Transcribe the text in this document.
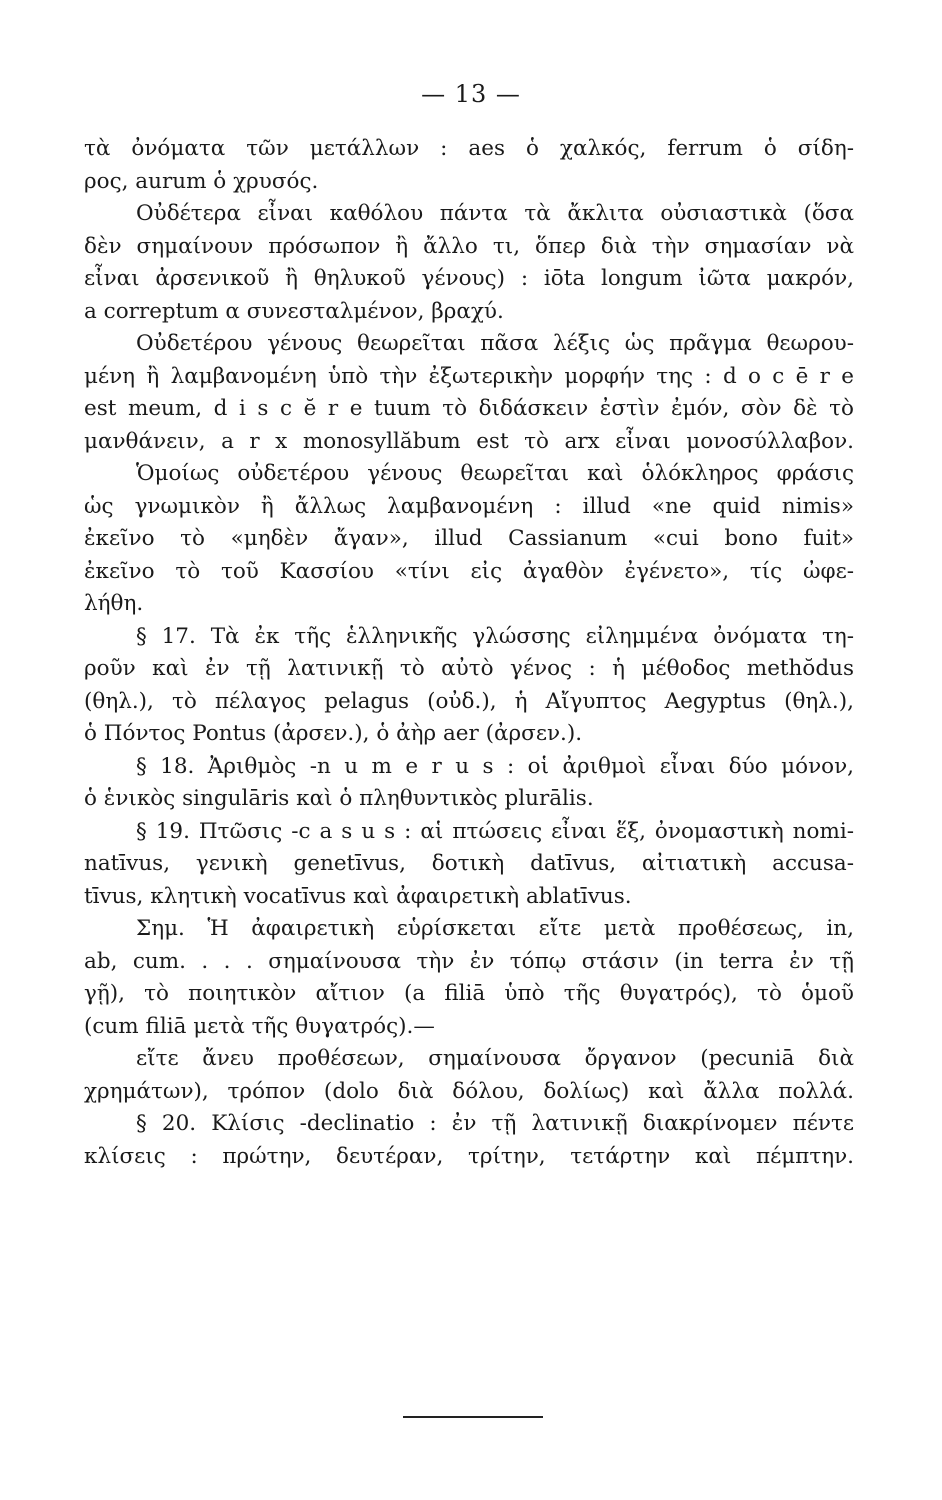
— 13 —
τὰ ὀνόματα τῶν μετάλλων : aes ὁ χαλκός, ferrum ὁ σίδη-
ρος, aurum ὁ χρυσός.
Οὐδέτερα εἶναι καθόλου πάντα τὰ ἄκλιτα οὐσιαστικὰ (ὅσα
δὲν σημαίνουν πρόσωπον ἢ ἄλλο τι, ὅπερ διὰ τὴν σημασίαν νὰ
εἶναι ἀρσενικοῦ ἢ θηλυκοῦ γένους) : iōta longum ἰῶτα μακρόν,
a correptum α συνεσταλμένον, βραχύ.
Οὐδετέρου γένους θεωρεῖται πᾶσα λέξις ὡς πρᾶγμα θεωρου-
μένη ἢ λαμβανομένη ὑπὸ τὴν ἐξωτερικὴν μορφήν της : d o c ē r e
est meum, d i s c ĕ r e tuum τὸ διδάσκειν ἐστὶν ἐμόν, σὸν δὲ τὸ
μανθάνειν, a r x monosyllăbum est τὸ arx εἶναι μονοσύλλαβον.
Ὁμοίως οὐδετέρου γένους θεωρεῖται καὶ ὁλόκληρος φράσις
ὡς γνωμικὸν ἢ ἄλλως λαμβανομένη : illud «ne quid nimis»
ἐκεῖνο τὸ «μηδὲν ἄγαν», illud Cassianum «cui bono fuit»
ἐκεῖνο τὸ τοῦ Κασσίου «τίνι εἰς ἀγαθὸν ἐγένετο», τίς ὠφε-
λήθη.
§ 17. Τὰ ἐκ τῆς ἑλληνικῆς γλώσσης εἰλημμένα ὀνόματα τη-
ροῦν καὶ ἐν τῇ λατινικῇ τὸ αὐτὸ γένος : ἡ μέθοδος methŏdus
(θηλ.), τὸ πέλαγος pelagus (οὐδ.), ἡ Αἴγυπτος Aegyptus (θηλ.),
ὁ Πόντος Pontus (ἀρσεν.), ὁ ἀὴρ aer (ἀρσεν.).
§ 18. Ἀριθμὸς -n u m e r u s : οἱ ἀριθμοὶ εἶναι δύο μόνον,
ὁ ἑνικὸς singulāris καὶ ὁ πληθυντικὸς plurālis.
§ 19. Πτῶσις -c a s u s : αἱ πτώσεις εἶναι ἕξ, ὀνομαστικὴ nomi-
natīvus, γενικὴ genetīvus, δοτικὴ datīvus, αἰτιατικὴ accusa-
tīvus, κλητικὴ vocatīvus καὶ ἀφαιρετικὴ ablatīvus.
Σημ. Ἡ ἀφαιρετικὴ εὑρίσκεται εἴτε μετὰ προθέσεως, in,
ab, cum. . . . σημαίνουσα τὴν ἐν τόπῳ στάσιν (in terra ἐν τῇ
γῇ), τὸ ποιητικὸν αἴτιον (a filiā ὑπὸ τῆς θυγατρός), τὸ ὁμοῦ
(cum filiā μετὰ τῆς θυγατρός).—
εἴτε ἄνευ προθέσεων, σημαίνουσα ὄργανον (pecuniā διὰ
χρημάτων), τρόπον (dolo διὰ δόλου, δολίως) καὶ ἄλλα πολλά.
§ 20. Κλίσις -declinatio : ἐν τῇ λατινικῇ διακρίνομεν πέντε
κλίσεις : πρώτην, δευτέραν, τρίτην, τετάρτην καὶ πέμπτην.
